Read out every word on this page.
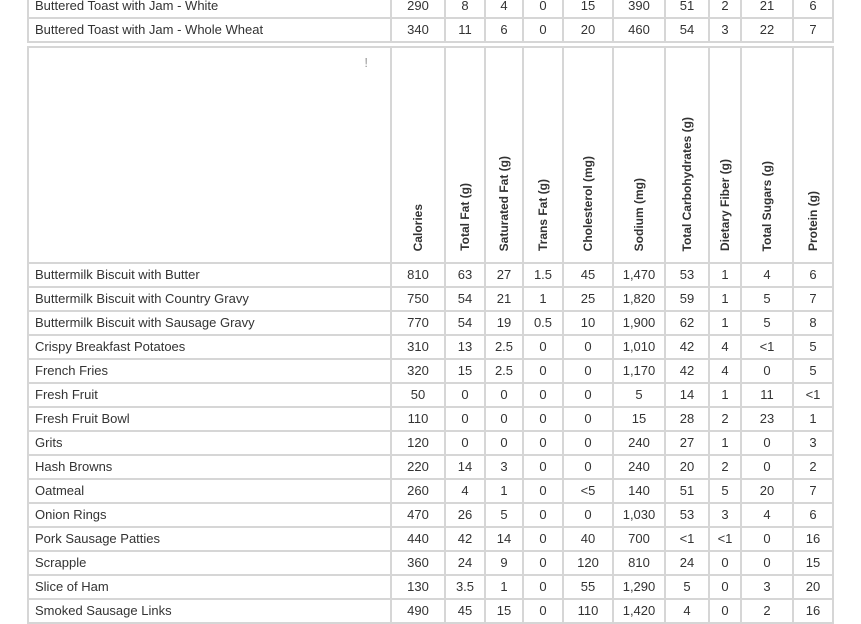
Buttered Toast with Jam - White	290	8	4	0	15	390	51	2	21	6
Buttered Toast with Jam - Whole Wheat	340	11	6	0	20	460	54	3	22	7
!	Calories	Total Fat (g)	Saturated Fat (g)	Trans Fat (g)	Cholesterol (mg)	Sodium (mg)	Total Carbohydrates (g)	Dietary Fiber (g)	Total Sugars (g)	Protein (g)
Buttermilk Biscuit with Butter	810	63	27	1.5	45	1,470	53	1	4	6
Buttermilk Biscuit with Country Gravy	750	54	21	1	25	1,820	59	1	5	7
Buttermilk Biscuit with Sausage Gravy	770	54	19	0.5	10	1,900	62	1	5	8
Crispy Breakfast Potatoes	310	13	2.5	0	0	1,010	42	4	<1	5
French Fries	320	15	2.5	0	0	1,170	42	4	0	5
Fresh Fruit	50	0	0	0	0	5	14	1	11	<1
Fresh Fruit Bowl	110	0	0	0	0	15	28	2	23	1
Grits	120	0	0	0	0	240	27	1	0	3
Hash Browns	220	14	3	0	0	240	20	2	0	2
Oatmeal	260	4	1	0	<5	140	51	5	20	7
Onion Rings	470	26	5	0	0	1,030	53	3	4	6
Pork Sausage Patties	440	42	14	0	40	700	<1	<1	0	16
Scrapple	360	24	9	0	120	810	24	0	0	15
Slice of Ham	130	3.5	1	0	55	1,290	5	0	3	20
Smoked Sausage Links	490	45	15	0	110	1,420	4	0	2	16
